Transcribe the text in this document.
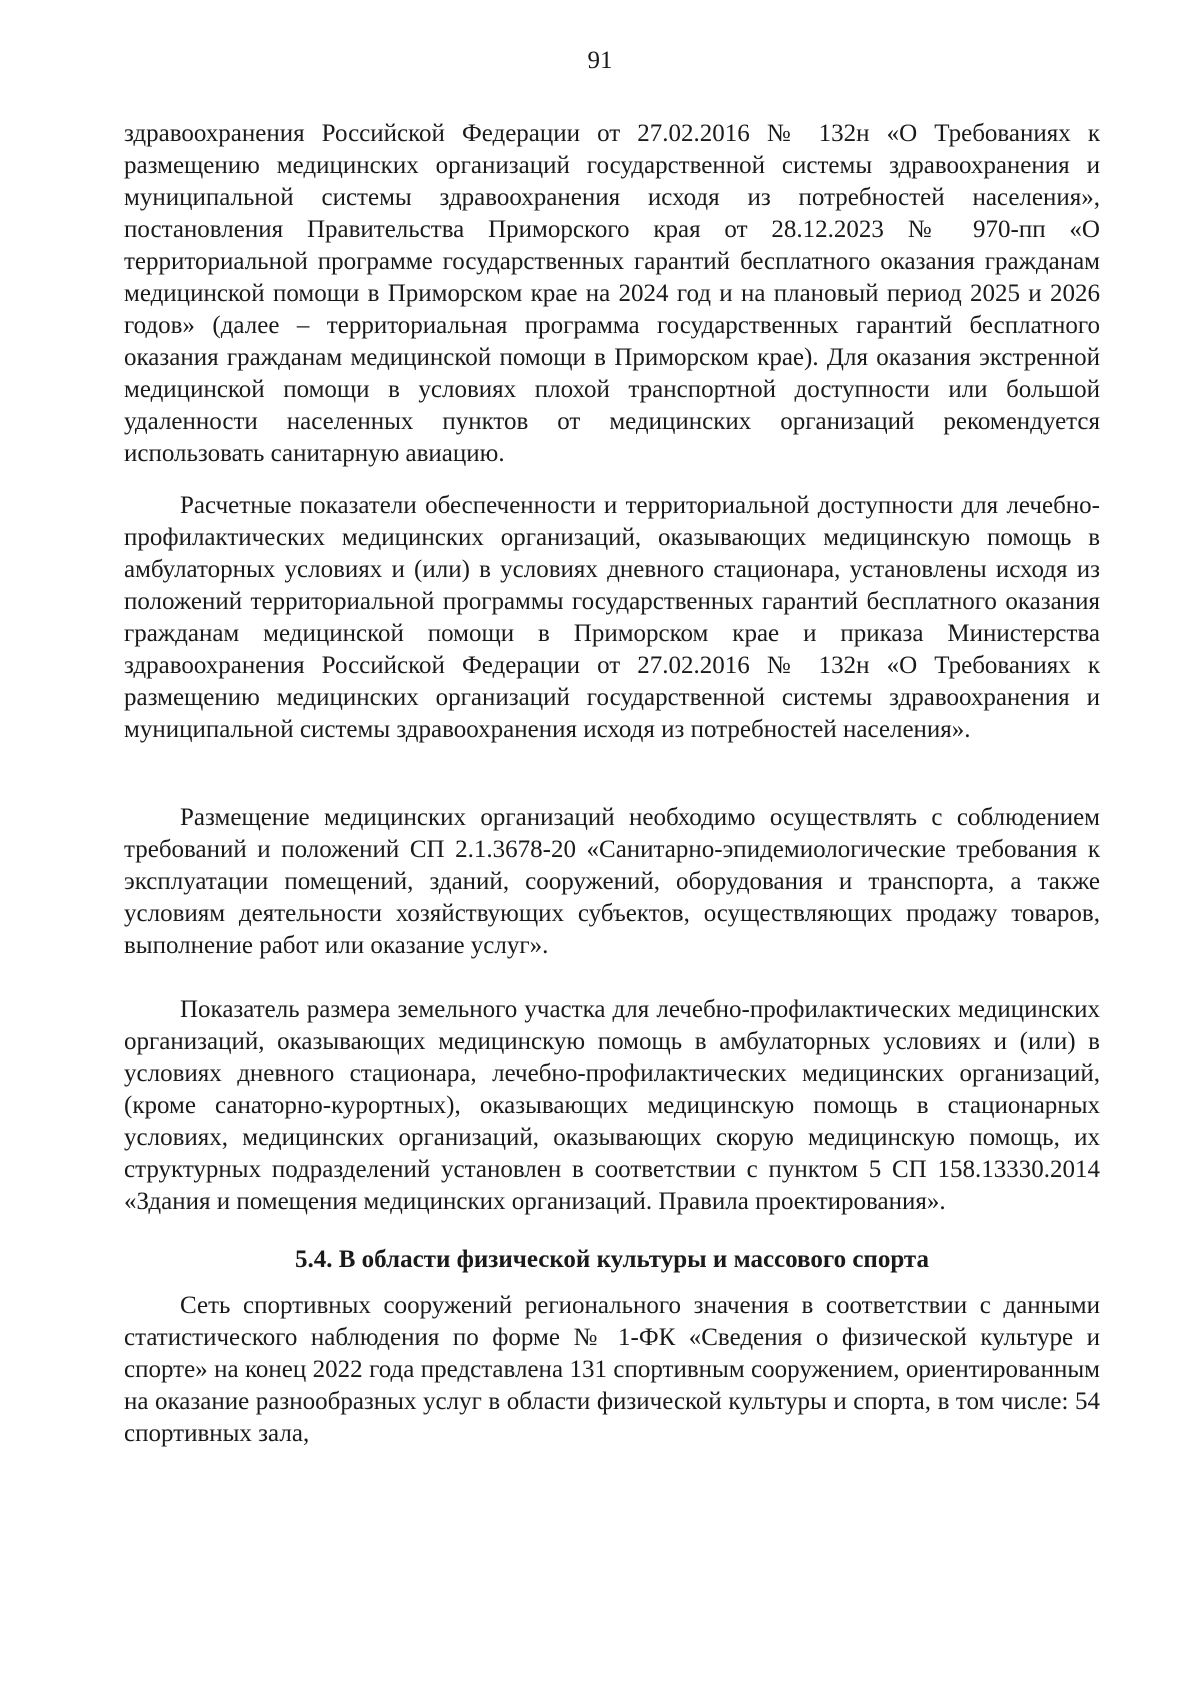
91

здравоохранения Российской Федерации от 27.02.2016 № 132н «О Требованиях к размещению медицинских организаций государственной системы здравоохранения и муниципальной системы здравоохранения исходя из потребностей населения», постановления Правительства Приморского края от 28.12.2023 № 970-пп «О территориальной программе государственных гарантий бесплатного оказания гражданам медицинской помощи в Приморском крае на 2024 год и на плановый период 2025 и 2026 годов» (далее – территориальная программа государственных гарантий бесплатного оказания гражданам медицинской помощи в Приморском крае). Для оказания экстренной медицинской помощи в условиях плохой транспортной доступности или большой удаленности населенных пунктов от медицинских организаций рекомендуется использовать санитарную авиацию.

Расчетные показатели обеспеченности и территориальной доступности для лечебно-профилактических медицинских организаций, оказывающих медицинскую помощь в амбулаторных условиях и (или) в условиях дневного стационара, установлены исходя из положений территориальной программы государственных гарантий бесплатного оказания гражданам медицинской помощи в Приморском крае и приказа Министерства здравоохранения Российской Федерации от 27.02.2016 № 132н «О Требованиях к размещению медицинских организаций государственной системы здравоохранения и муниципальной системы здравоохранения исходя из потребностей населения».

Размещение медицинских организаций необходимо осуществлять с соблюдением требований и положений СП 2.1.3678-20 «Санитарно-эпидемиологические требования к эксплуатации помещений, зданий, сооружений, оборудования и транспорта, а также условиям деятельности хозяйствующих субъектов, осуществляющих продажу товаров, выполнение работ или оказание услуг».

Показатель размера земельного участка для лечебно-профилактических медицинских организаций, оказывающих медицинскую помощь в амбулаторных условиях и (или) в условиях дневного стационара, лечебно-профилактических медицинских организаций, (кроме санаторно-курортных), оказывающих медицинскую помощь в стационарных условиях, медицинских организаций, оказывающих скорую медицинскую помощь, их структурных подразделений установлен в соответствии с пунктом 5 СП 158.13330.2014 «Здания и помещения медицинских организаций. Правила проектирования».

5.4. В области физической культуры и массового спорта

Сеть спортивных сооружений регионального значения в соответствии с данными статистического наблюдения по форме № 1-ФК «Сведения о физической культуре и спорте» на конец 2022 года представлена 131 спортивным сооружением, ориентированным на оказание разнообразных услуг в области физической культуры и спорта, в том числе: 54 спортивных зала,
